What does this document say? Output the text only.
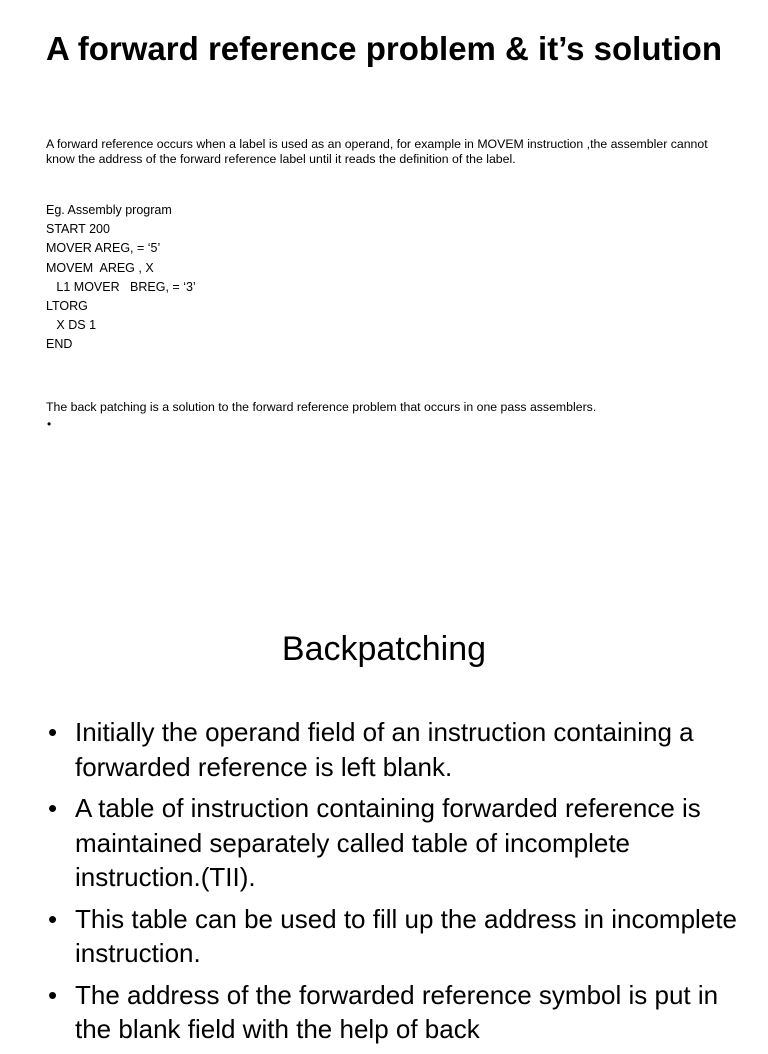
A forward reference problem & it’s solution

A forward reference occurs when a label is used as an operand, for example in MOVEM instruction ,the assembler cannot know the address of the forward reference label until it reads the definition of the label.

Eg. Assembly program
START 200
MOVER AREG, = ‘5’
MOVEM  AREG , X
L1 MOVER   BREG, = ‘3’
LTORG
X DS 1
END

The back patching is a solution to the forward reference problem that occurs in one pass assemblers.

•
Backpatching
• Initially the operand field of an instruction containing a forwarded reference is left blank.
• A table of instruction containing forwarded reference is maintained separately called table of incomplete instruction.(TII).
• This table can be used to fill up the address in incomplete instruction.
• The address of the forwarded reference symbol is put in the blank field with the help of back
